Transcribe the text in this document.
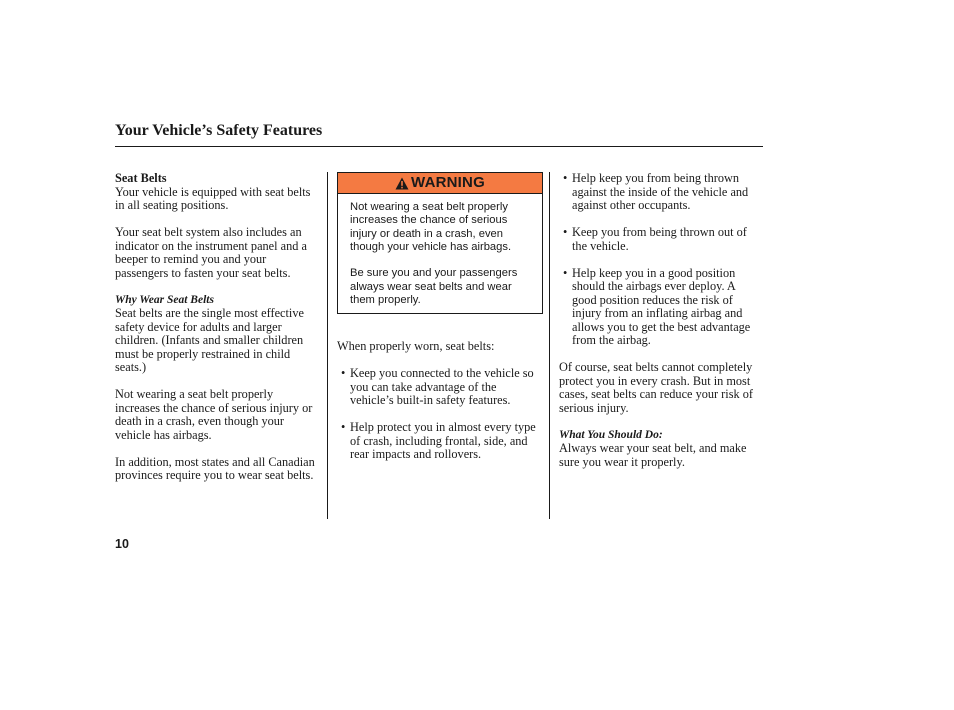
Your Vehicle’s Safety Features

Seat Belts

Your vehicle is equipped with seat belts in all seating positions.

Your seat belt system also includes an indicator on the instrument panel and a beeper to remind you and your passengers to fasten your seat belts.

Why Wear Seat Belts

Seat belts are the single most effective safety device for adults and larger children. (Infants and smaller children must be properly restrained in child seats.)

Not wearing a seat belt properly increases the chance of serious injury or death in a crash, even though your vehicle has airbags.

In addition, most states and all Canadian provinces require you to wear seat belts.

WARNING

Not wearing a seat belt properly increases the chance of serious injury or death in a crash, even though your vehicle has airbags.

Be sure you and your passengers always wear seat belts and wear them properly.

When properly worn, seat belts:

• Keep you connected to the vehicle so you can take advantage of the vehicle’s built-in safety features.
• Help protect you in almost every type of crash, including frontal, side, and rear impacts and rollovers.
• Help keep you from being thrown against the inside of the vehicle and against other occupants.
• Keep you from being thrown out of the vehicle.
• Help keep you in a good position should the airbags ever deploy. A good position reduces the risk of injury from an inflating airbag and allows you to get the best advantage from the airbag.

Of course, seat belts cannot completely protect you in every crash. But in most cases, seat belts can reduce your risk of serious injury.

What You Should Do:

Always wear your seat belt, and make sure you wear it properly.

10
